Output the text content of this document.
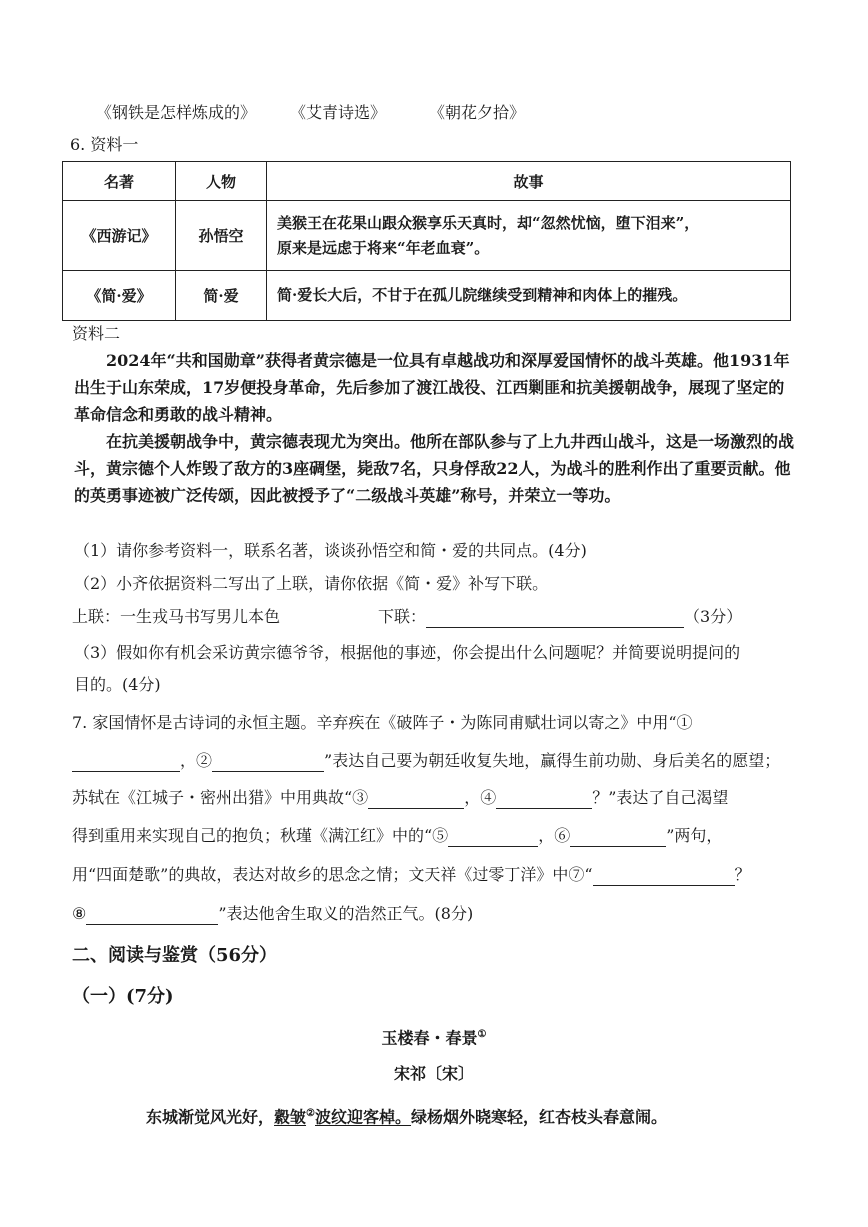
《钢铁是怎样炼成的》 《艾青诗选》	《朝花夕拾》
6. 资料一
名著	人物	故事
《西游记》	孙悟空	美猴王在花果山跟众猴享乐天真时，却“忽然忧恼，堕下泪来”，
原来是远虑于将来“年老血衰”。

《简·爱》	简·爱	简·爱长大后，不甘于在孤儿院继续受到精神和肉体上的摧残。
资料二
2024年“共和国勋章”获得者黄宗德是一位具有卓越战功和深厚爱国情怀的战斗英雄。他1931年出生于山东荣成，17岁便投身革命，先后参加了渡江战役、江西剿匪和抗美援朝战争，展现了坚定的革命信念和勇敢的战斗精神。
在抗美援朝战争中，黄宗德表现尤为突出。他所在部队参与了上九井西山战斗，这是一场激烈的战斗，黄宗德个人炸毁了敌方的3座碉堡，毙敌7名，只身俘敌22人，为战斗的胜利作出了重要贡献。他的英勇事迹被广泛传颂，因此被授予了“二级战斗英雄”称号，并荣立一等功。
（1）请你参考资料一，联系名著，谈谈孙悟空和简・爱的共同点。(4分)
（2）小齐依据资料二写出了上联，请你依据《简・爱》补写下联。
上联：一生戎马书写男儿本色	下联：	（3分）
（3）假如你有机会采访黄宗德爷爷，根据他的事迹，你会提出什么问题呢？并简要说明提问的
目的。(4分)
7. 家国情怀是古诗词的永恒主题。辛弃疾在《破阵子・为陈同甫赋壮词以寄之》中用“①
，②	”表达自己要为朝廷收复失地，赢得生前功勋、身后美名的愿望；
苏轼在《江城子・密州出猎》中用典故“③	，④	？”表达了自己渴望
得到重用来实现自己的抱负；秋瑾《满江红》中的“⑤	，⑥	”两句，
用“四面楚歌”的典故，表达对故乡的思念之情；文天祥《过零丁洋》中⑦“	？
⑧	”表达他舍生取义的浩然正气。(8分)
二、阅读与鉴赏（56分）
（一）(7分)
玉楼春・春景①
宋祁〔宋〕
东城渐觉风光好，縠皱②波纹迎客棹。绿杨烟外晓寒轻，红杏枝头春意闹。
